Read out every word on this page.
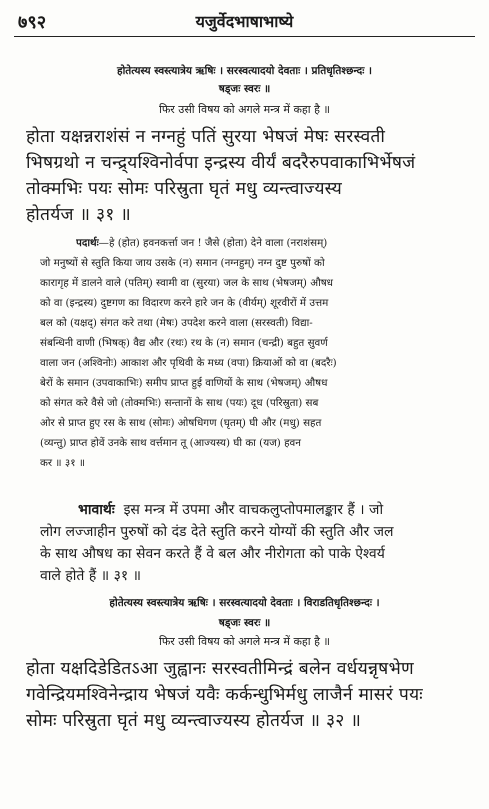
७९२	यजुर्वेदभाषाभाष्ये
होतेत्यस्य स्वस्त्यात्रेय ऋषिः । सरस्वत्यादयो देवताः । प्रतिधृतिश्छन्दः ।
षड्जः स्वरः ॥
फिर उसी विषय को अगले मन्त्र में कहा है ॥
होता यक्षन्नराशंसं न नग्नहुं पतिं सुरया भेषजं मेषः सरस्वती
भिषग्रथो न चन्द्र्यश्विनोर्वपा इन्द्रस्य वीर्यं बदरैरुपवाकाभिर्भेषजं
तोक्मभिः पयः सोमः परिस्रुता घृतं मधु व्यन्त्वाज्यस्य
होतर्यज ॥ ३१ ॥
पदार्थः—हे (होत) हवनकर्त्ता जन ! जैसे (होता) देने वाला (नराशंसम्)
जो मनुष्यों से स्तुति किया जाय उसके (न) समान (नग्नहुम्) नग्न दुष्ट पुरुषों को
कारागृह में डालने वाले (पतिम्) स्वामी वा (सुरया) जल के साथ (भेषजम्) औषध
को वा (इन्द्रस्य) दुष्टगण का विदारण करने हारे जन के (वीर्यम्) शूरवीरों में उत्तम
बल को (यक्षद्) संगत करे तथा (मेषः) उपदेश करने वाला (सरस्वती) विद्या-
संबन्धिनी वाणी (भिषक्) वैद्य और (रथः) रथ के (न) समान (चन्द्री) बहुत सुवर्ण
वाला जन (अश्विनोः) आकाश और पृथिवी के मध्य (वपा) क्रियाओं को वा (बदरैः)
बेरों के समान (उपवाकाभिः) समीप प्राप्त हुई वाणियों के साथ (भेषजम्) औषध
को संगत करे वैसे जो (तोक्मभिः) सन्तानों के साथ (पयः) दूध (परिस्रुता) सब
ओर से प्राप्त हुए रस के साथ (सोमः) ओषधिगण (घृतम्) घी और (मधु) सहत
(व्यन्तु) प्राप्त होवें उनके साथ वर्त्तमान तू (आज्यस्य) घी का (यज) हवन
कर ॥ ३१ ॥
भावार्थः इस मन्त्र में उपमा और वाचकलुप्तोपमालङ्कार हैं । जो
लोग लज्जाहीन पुरुषों को दंड देते स्तुति करने योग्यों की स्तुति और जल
के साथ औषध का सेवन करते हैं वे बल और नीरोगता को पाके ऐश्वर्य
वाले होते हैं ॥ ३१ ॥
होतेत्यस्य स्वस्त्यात्रेय ऋषिः । सरस्वत्यादयो देवताः । विराडतिधृतिश्छन्दः ।
षड्जः स्वरः ॥
फिर उसी विषय को अगले मन्त्र में कहा है ॥
होता यक्षदिडेडितऽआ जुह्वानः सरस्वतीमिन्द्रं बलेन वर्धयन्नृषभेण
गवेन्द्रियमश्विनेन्द्राय भेषजं यवैः कर्कन्धुभिर्मधु लाजैर्न मासरं पयः
सोमः परिस्रुता घृतं मधु व्यन्त्वाज्यस्य होतर्यज ॥ ३२ ॥
